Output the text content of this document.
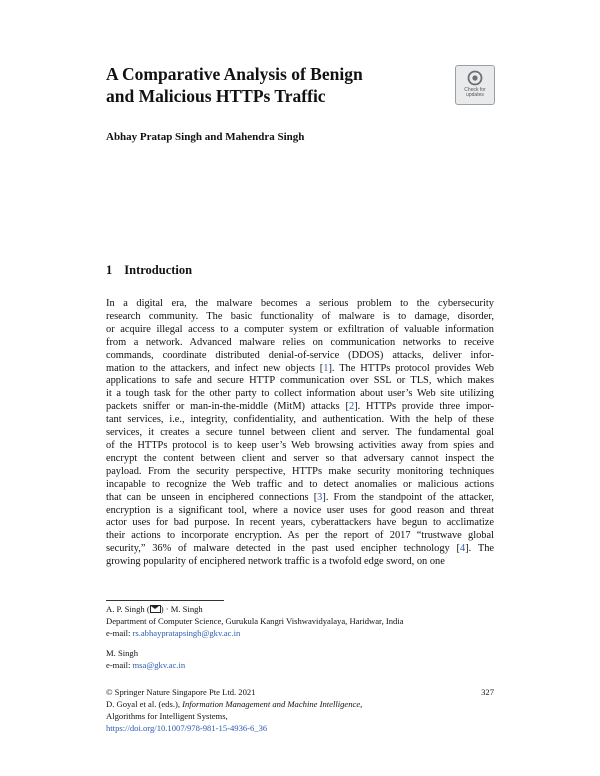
A Comparative Analysis of Benign
and Malicious HTTPs Traffic	Check for
updates
Abhay Pratap Singh and Mahendra Singh
1 Introduction
In a digital era, the malware becomes a serious problem to the cybersecurity
research community. The basic functionality of malware is to damage, disorder,
or acquire illegal access to a computer system or exfiltration of valuable information
from a network. Advanced malware relies on communication networks to receive
commands, coordinate distributed denial-of-service (DDOS) attacks, deliver infor-
mation to the attackers, and infect new objects [1]. The HTTPs protocol provides Web
applications to safe and secure HTTP communication over SSL or TLS, which makes
it a tough task for the other party to collect information about user’s Web site utilizing
packets sniffer or man-in-the-middle (MitM) attacks [2]. HTTPs provide three impor-
tant services, i.e., integrity, confidentiality, and authentication. With the help of these
services, it creates a secure tunnel between client and server. The fundamental goal
of the HTTPs protocol is to keep user’s Web browsing activities away from spies and
encrypt the content between client and server so that adversary cannot inspect the
payload. From the security perspective, HTTPs make security monitoring techniques
incapable to recognize the Web traffic and to detect anomalies or malicious actions
that can be unseen in enciphered connections [3]. From the standpoint of the attacker,
encryption is a significant tool, where a novice user uses for good reason and threat
actor uses for bad purpose. In recent years, cyberattackers have begun to acclimatize
their actions to incorporate encryption. As per the report of 2017 “trustwave global
security,” 36% of malware detected in the past used encipher technology [4]. The
growing popularity of enciphered network traffic is a twofold edge sword, on one
A. P. Singh ( ) · M. Singh
Department of Computer Science, Gurukula Kangri Vishwavidyalaya, Haridwar, India
e-mail: rs.abhaypratapsingh@gkv.ac.in
M. Singh
e-mail: msa@gkv.ac.in
© Springer Nature Singapore Pte Ltd. 2021	327
D. Goyal et al. (eds.), Information Management and Machine Intelligence,
Algorithms for Intelligent Systems,
https://doi.org/10.1007/978-981-15-4936-6_36
